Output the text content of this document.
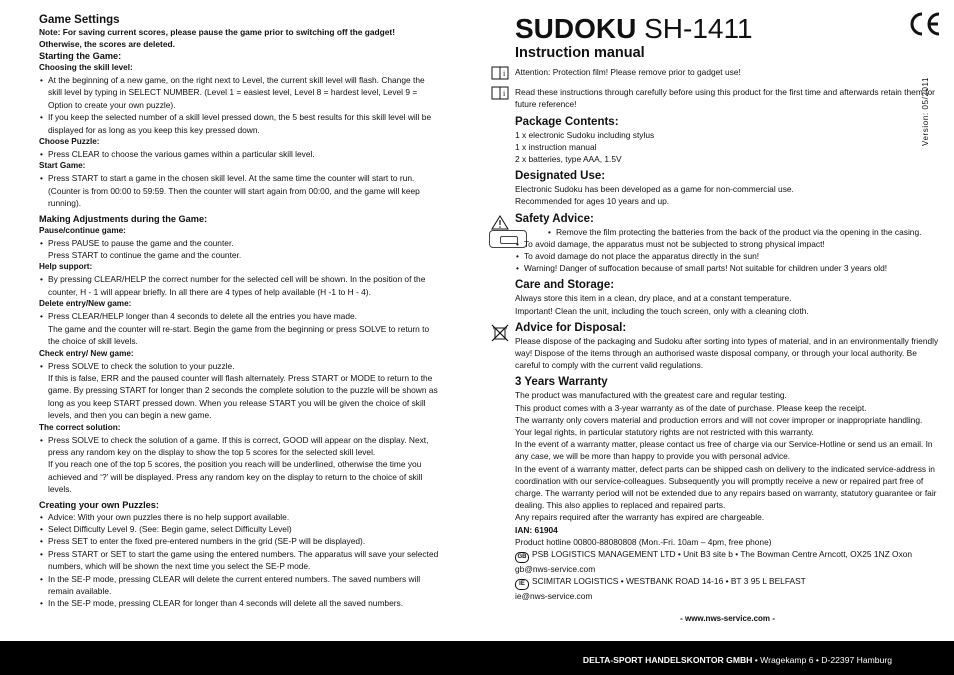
Game Settings
Note: For saving current scores, please pause the game prior to switching off the gadget! Otherwise, the scores are deleted.
Starting the Game:
Choosing the skill level:
• At the beginning of a new game, on the right next to Level, the current skill level will flash. Change the skill level by typing in SELECT NUMBER. (Level 1 = easiest level, Level 8 = hardest level, Level 9 = Option to create your own puzzle).
• If you keep the selected number of a skill level pressed down, the 5 best results for this skill level will be displayed for as long as you keep this key pressed down.
Choose Puzzle:
• Press CLEAR to choose the various games within a particular skill level.
Start Game:
• Press START to start a game in the chosen skill level. At the same time the counter will start to run. (Counter is from 00:00 to 59:59. Then the counter will start again from 00:00, and the game will keep running).
Making Adjustments during the Game:
Pause/continue game:
• Press PAUSE to pause the game and the counter.
Press START to continue the game and the counter.
Help support:
• By pressing CLEAR/HELP the correct number for the selected cell will be shown. In the position of the counter, H - 1 will appear briefly. In all there are 4 types of help available (H -1 to H - 4).
Delete entry/New game:
• Press CLEAR/HELP longer than 4 seconds to delete all the entries you have made.
The game and the counter will re-start. Begin the game from the beginning or press SOLVE to return to the choice of skill levels.
Check entry/ New game:
• Press SOLVE to check the solution to your puzzle.
If this is false, ERR and the paused counter will flash alternately. Press START or MODE to return to the game. By pressing START for longer than 2 seconds the complete solution to the puzzle will be shown as long as you keep START pressed down. When you release START you will be given the choice of skill levels, and then you can begin a new game.
The correct solution:
• Press SOLVE to check the solution of a game. If this is correct, GOOD will appear on the display. Next, press any random key on the display to show the top 5 scores for the selected skill level.
If you reach one of the top 5 scores, the position you reach will be underlined, otherwise the time you achieved and ‘?’ will be displayed. Press any random key on the display to return to the choice of skill levels.
Creating your own Puzzles:
• Advice: With your own puzzles there is no help support available.
• Select Difficulty Level 9. (See: Begin game, select Difficulty Level)
• Press SET to enter the fixed pre-entered numbers in the grid (SE-P will be displayed).
• Press START or SET to start the game using the entered numbers. The apparatus will save your selected numbers, which will be shown the next time you select the SE-P mode.
• In the SE-P mode, pressing CLEAR will delete the current entered numbers. The saved numbers will remain available.
• In the SE-P mode, pressing CLEAR for longer than 4 seconds will delete all the saved numbers.
Version: 05/2011
SUDOKU SH-1411
Instruction manual
i Attention: Protection film! Please remove prior to gadget use!
i Read these instructions through carefully before using this product for the first time and afterwards retain them for future reference!
Package Contents:
1 x electronic Sudoku including stylus
1 x instruction manual
2 x batteries, type AAA, 1.5V
Designated Use:
Electronic Sudoku has been developed as a game for non-commercial use.
Recommended for ages 10 years and up.
Safety Advice:
• Remove the film protecting the batteries from the back of the product via the opening in the casing.
• To avoid damage, the apparatus must not be subjected to strong physical impact!
• To avoid damage do not place the apparatus directly in the sun!
• Warning! Danger of suffocation because of small parts! Not suitable for children under 3 years old!
Care and Storage:
Always store this item in a clean, dry place, and at a constant temperature.
Important! Clean the unit, including the touch screen, only with a cleaning cloth.
Advice for Disposal:
Please dispose of the packaging and Sudoku after sorting into types of material, and in an environmentally friendly way! Dispose of the items through an authorised waste disposal company, or through your local authority. Be careful to comply with the current valid regulations.
3 Years Warranty
The product was manufactured with the greatest care and regular testing.
This product comes with a 3-year warranty as of the date of purchase. Please keep the receipt.
The warranty only covers material and production errors and will not cover improper or inappropriate handling. Your legal rights, in particular statutory rights are not restricted with this warranty.
In the event of a warranty matter, please contact us free of charge via our Service-Hotline or send us an email. In any case, we will be more than happy to provide you with personal advice.
In the event of a warranty matter, defect parts can be shipped cash on delivery to the indicated service-address in coordination with our service-colleagues. Subsequently you will promptly receive a new or repaired part free of charge. The warranty period will not be extended due to any repairs based on warranty, statutory guarantee or fair dealing. This also applies to replaced and repaired parts.
Any repairs required after the warranty has expired are chargeable.
IAN: 61904
Product hotline 00800-88080808 (Mon.-Fri. 10am – 4pm, free phone)
GB PSB LOGISTICS MANAGEMENT LTD • Unit B3 site b • The Bowman Centre Arncott, OX25 1NZ Oxon
gb@nws-service.com
IE SCIMITAR LOGISTICS • WESTBANK ROAD 14-16 • BT 3 95 L BELFAST
ie@nws-service.com
- www.nws-service.com -
DELTA-SPORT HANDELSKONTOR GMBH • Wragekamp 6 • D-22397 Hamburg
